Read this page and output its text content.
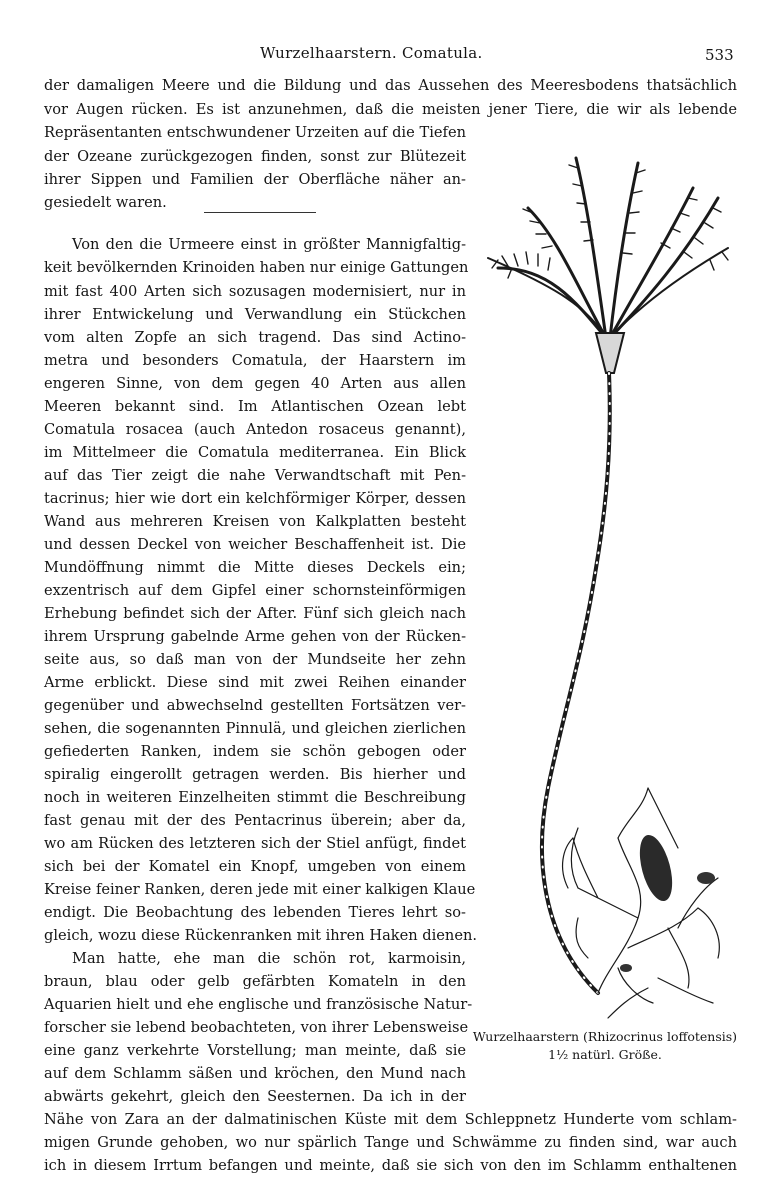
Wurzelhaarstern. Comatula.	533
der damaligen Meere und die Bildung und das Aussehen des Meeresbodens thatsächlich
vor Augen rücken. Es ist anzunehmen, daß die meisten jener Tiere, die wir als lebende
Repräsentanten entschwundener Urzeiten auf die Tiefen
der Ozeane zurückgezogen finden, sonst zur Blütezeit
ihrer Sippen und Familien der Oberfläche näher an-
gesiedelt waren.
Von den die Urmeere einst in größter Mannigfaltig-
keit bevölkernden Krinoiden haben nur einige Gattungen
mit fast 400 Arten sich sozusagen modernisiert, nur in
ihrer Entwickelung und Verwandlung ein Stückchen
vom alten Zopfe an sich tragend. Das sind Actino-
metra und besonders Comatula, der Haarstern im
engeren Sinne, von dem gegen 40 Arten aus allen
Meeren bekannt sind. Im Atlantischen Ozean lebt
Comatula rosacea (auch Antedon rosaceus genannt),
im Mittelmeer die Comatula mediterranea. Ein Blick
auf das Tier zeigt die nahe Verwandtschaft mit Pen-
tacrinus; hier wie dort ein kelchförmiger Körper, dessen
Wand aus mehreren Kreisen von Kalkplatten besteht
und dessen Deckel von weicher Beschaffenheit ist. Die
Mundöffnung nimmt die Mitte dieses Deckels ein;
exzentrisch auf dem Gipfel einer schornsteinförmigen
Erhebung befindet sich der After. Fünf sich gleich nach
ihrem Ursprung gabelnde Arme gehen von der Rücken-
seite aus, so daß man von der Mundseite her zehn
Arme erblickt. Diese sind mit zwei Reihen einander
gegenüber und abwechselnd gestellten Fortsätzen ver-
sehen, die sogenannten Pinnulä, und gleichen zierlichen
gefiederten Ranken, indem sie schön gebogen oder
spiralig eingerollt getragen werden. Bis hierher und
noch in weiteren Einzelheiten stimmt die Beschreibung
fast genau mit der des Pentacrinus überein; aber da,
wo am Rücken des letzteren sich der Stiel anfügt, findet
sich bei der Komatel ein Knopf, umgeben von einem
Kreise feiner Ranken, deren jede mit einer kalkigen Klaue
endigt. Die Beobachtung des lebenden Tieres lehrt so-
gleich, wozu diese Rückenranken mit ihren Haken dienen.
Man hatte, ehe man die schön rot, karmoisin,
braun, blau oder gelb gefärbten Komateln in den
Aquarien hielt und ehe englische und französische Natur-
forscher sie lebend beobachteten, von ihrer Lebensweise
eine ganz verkehrte Vorstellung; man meinte, daß sie
auf dem Schlamm säßen und kröchen, den Mund nach
abwärts gekehrt, gleich den Seesternen. Da ich in der
Nähe von Zara an der dalmatinischen Küste mit dem Schleppnetz Hunderte vom schlam-
migen Grunde gehoben, wo nur spärlich Tange und Schwämme zu finden sind, war auch
ich in diesem Irrtum befangen und meinte, daß sie sich von den im Schlamm enthaltenen
Wurzelhaarstern (Rhizocrinus loffotensis)
1½ natürl. Größe.
